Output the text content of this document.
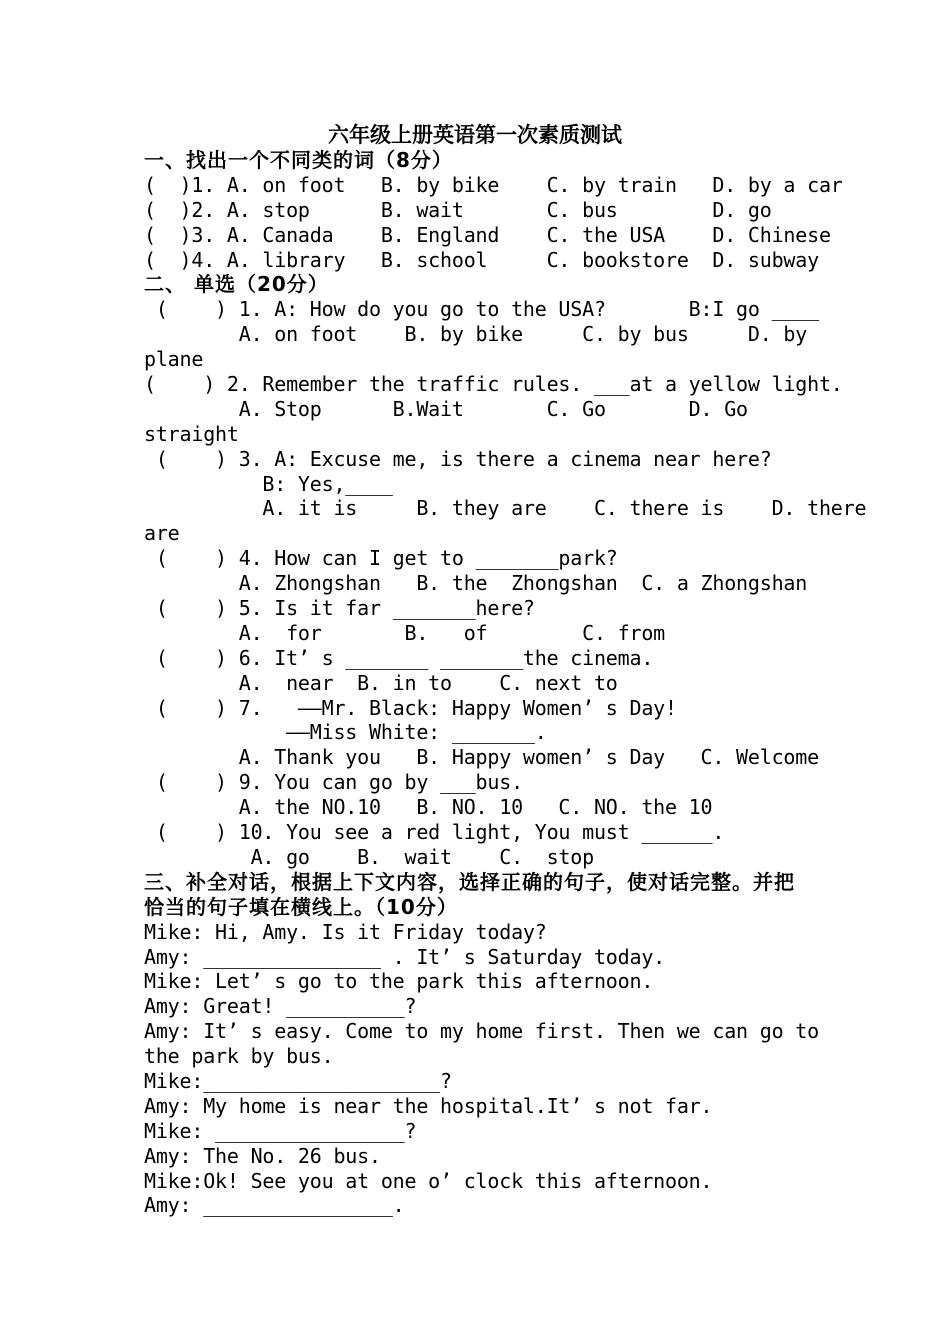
六年级上册英语第一次素质测试
一、找出一个不同类的词（8分）
(  )1. A. on foot   B. by bike    C. by train   D. by a car
(  )2. A. stop      B. wait       C. bus        D. go
(  )3. A. Canada    B. England    C. the USA    D. Chinese
(  )4. A. library   B. school     C. bookstore  D. subway
二、 单选（20分）
(    ) 1. A: How do you go to the USA?       B:I go ____
A. on foot    B. by bike     C. by bus     D. by
plane
(    ) 2. Remember the traffic rules. ___at a yellow light.
A. Stop      B.Wait       C. Go       D. Go
straight
(    ) 3. A: Excuse me, is there a cinema near here?
B: Yes,____
A. it is     B. they are    C. there is    D. there
are
(    ) 4. How can I get to _______park?
A. Zhongshan   B. the  Zhongshan  C. a Zhongshan
(    ) 5. Is it far _______here?
A.  for       B.   of        C. from
(    ) 6. It’ s _______ _______the cinema.
A.  near  B. in to    C. next to
(    ) 7.   ——Mr. Black: Happy Women’ s Day!
——Miss White: _______.
A. Thank you   B. Happy women’ s Day   C. Welcome
(    ) 9. You can go by ___bus.
A. the NO.10   B. NO. 10   C. NO. the 10
(    ) 10. You see a red light, You must ______.
A. go    B.  wait    C.  stop
三、补全对话，根据上下文内容，选择正确的句子，使对话完整。并把
恰当的句子填在横线上。（10分）
Mike: Hi, Amy. Is it Friday today?
Amy: _______________ . It’ s Saturday today.
Mike: Let’ s go to the park this afternoon.
Amy: Great! __________?
Amy: It’ s easy. Come to my home first. Then we can go to
the park by bus.
Mike:____________________?
Amy: My home is near the hospital.It’ s not far.
Mike: ________________?
Amy: The No. 26 bus.
Mike:Ok! See you at one o’ clock this afternoon.
Amy: ________________.
